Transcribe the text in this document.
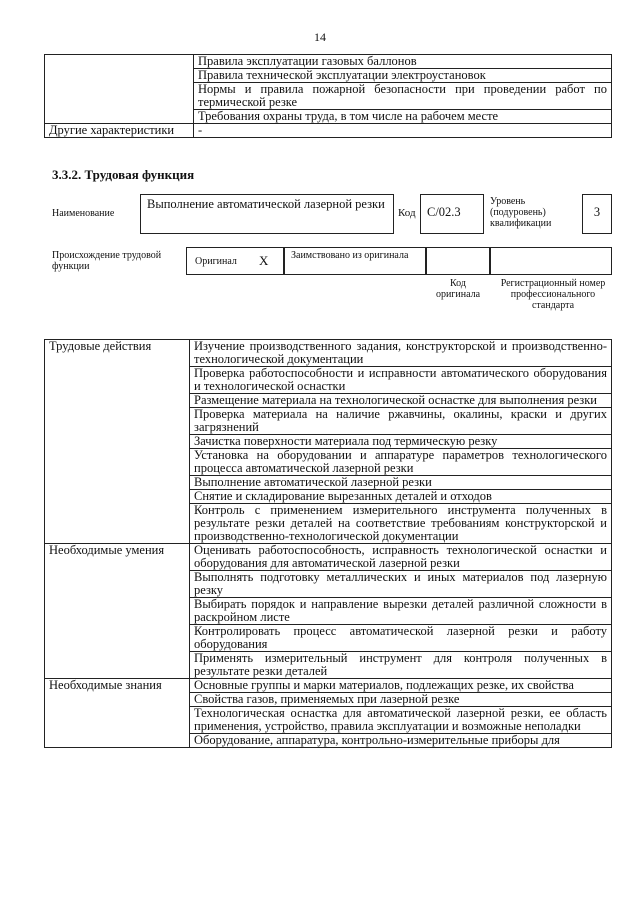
14
	Правила эксплуатации газовых баллонов
	Правила технической эксплуатации электроустановок
	Нормы и правила пожарной безопасности при проведении работ по термической резке
	Требования охраны труда, в том числе на рабочем месте
Другие характеристики	-
3.3.2. Трудовая функция
Наименование
Выполнение автоматической лазерной резки
Код С/02.3
Уровень (подуровень) квалификации
3
Происхождение трудовой функции	Оригинал X Заимствовано из оригинала
Код оригинала
Регистрационный номер профессионального стандарта
Трудовые действия	Изучение производственного задания, конструкторской и производственно-технологической документации
	Проверка работоспособности и исправности автоматического оборудования и технологической оснастки
	Размещение материала на технологической оснастке для выполнения резки
	Проверка материала на наличие ржавчины, окалины, краски и других загрязнений
	Зачистка поверхности материала под термическую резку
	Установка на оборудовании и аппаратуре параметров технологического процесса автоматической лазерной резки
	Выполнение автоматической лазерной резки
	Снятие и складирование вырезанных деталей и отходов
	Контроль с применением измерительного инструмента полученных в результате резки деталей на соответствие требованиям конструкторской и производственно-технологической документации
Необходимые умения	Оценивать работоспособность, исправность технологической оснастки и оборудования для автоматической лазерной резки
	Выполнять подготовку металлических и иных материалов под лазерную резку
	Выбирать порядок и направление вырезки деталей различной сложности в раскройном листе
	Контролировать процесс автоматической лазерной резки и работу оборудования
	Применять измерительный инструмент для контроля полученных в результате резки деталей
Необходимые знания	Основные группы и марки материалов, подлежащих резке, их свойства
	Свойства газов, применяемых при лазерной резке
	Технологическая оснастка для автоматической лазерной резки, ее область применения, устройство, правила эксплуатации и возможные неполадки
	Оборудование, аппаратура, контрольно-измерительные приборы для
